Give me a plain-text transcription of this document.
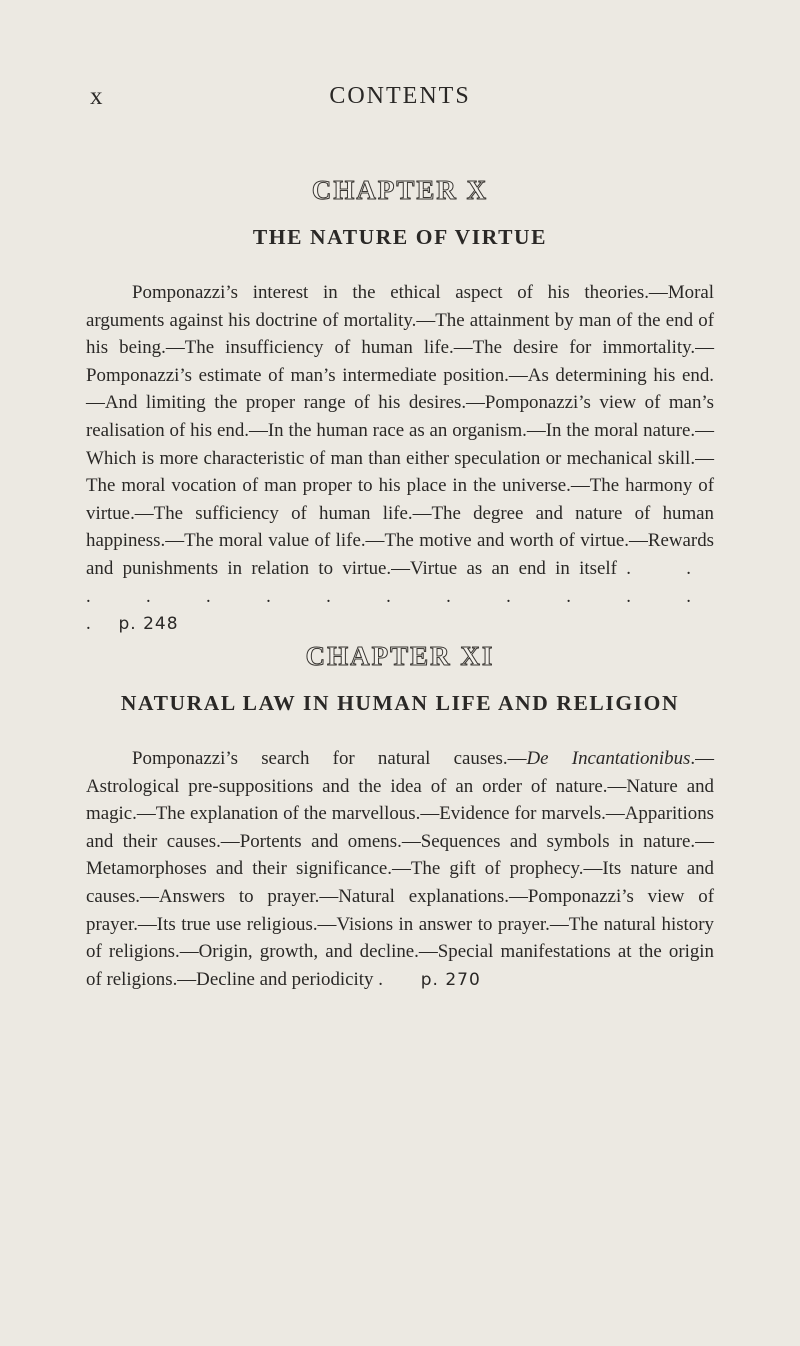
x	CONTENTS
CHAPTER X
THE NATURE OF VIRTUE

Pomponazzi’s interest in the ethical aspect of his theories.—Moral arguments against his doctrine of mortality.—The attainment by man of the end of his being.—The insufficiency of human life.—The desire for immortality.—Pomponazzi’s estimate of man’s intermediate position.—As determining his end.—And limiting the proper range of his desires.—Pomponazzi’s view of man’s realisation of his end.—In the human race as an organism.—In the moral nature.—Which is more characteristic of man than either speculation or mechanical skill.—The moral vocation of man proper to his place in the universe.—The harmony of virtue.—The sufficiency of human life.—The degree and nature of human happiness.—The moral value of life.—The motive and worth of virtue.—Rewards and punishments in relation to virtue.—Virtue as an end in itself . . . . . . . . . . . . . . p. 248

CHAPTER XI
NATURAL LAW IN HUMAN LIFE AND RELIGION

Pomponazzi’s search for natural causes.—De Incantationibus.—Astrological pre-suppositions and the idea of an order of nature.—Nature and magic.—The explanation of the marvellous.—Evidence for marvels.—Apparitions and their causes.—Portents and omens.—Sequences and symbols in nature.—Metamorphoses and their significance.—The gift of prophecy.—Its nature and causes.—Answers to prayer.—Natural explanations.—Pomponazzi’s view of prayer.—Its true use religious.—Visions in answer to prayer.—The natural history of religions.—Origin, growth, and decline.—Special manifestations at the origin of religions.—Decline and periodicity . p. 270
